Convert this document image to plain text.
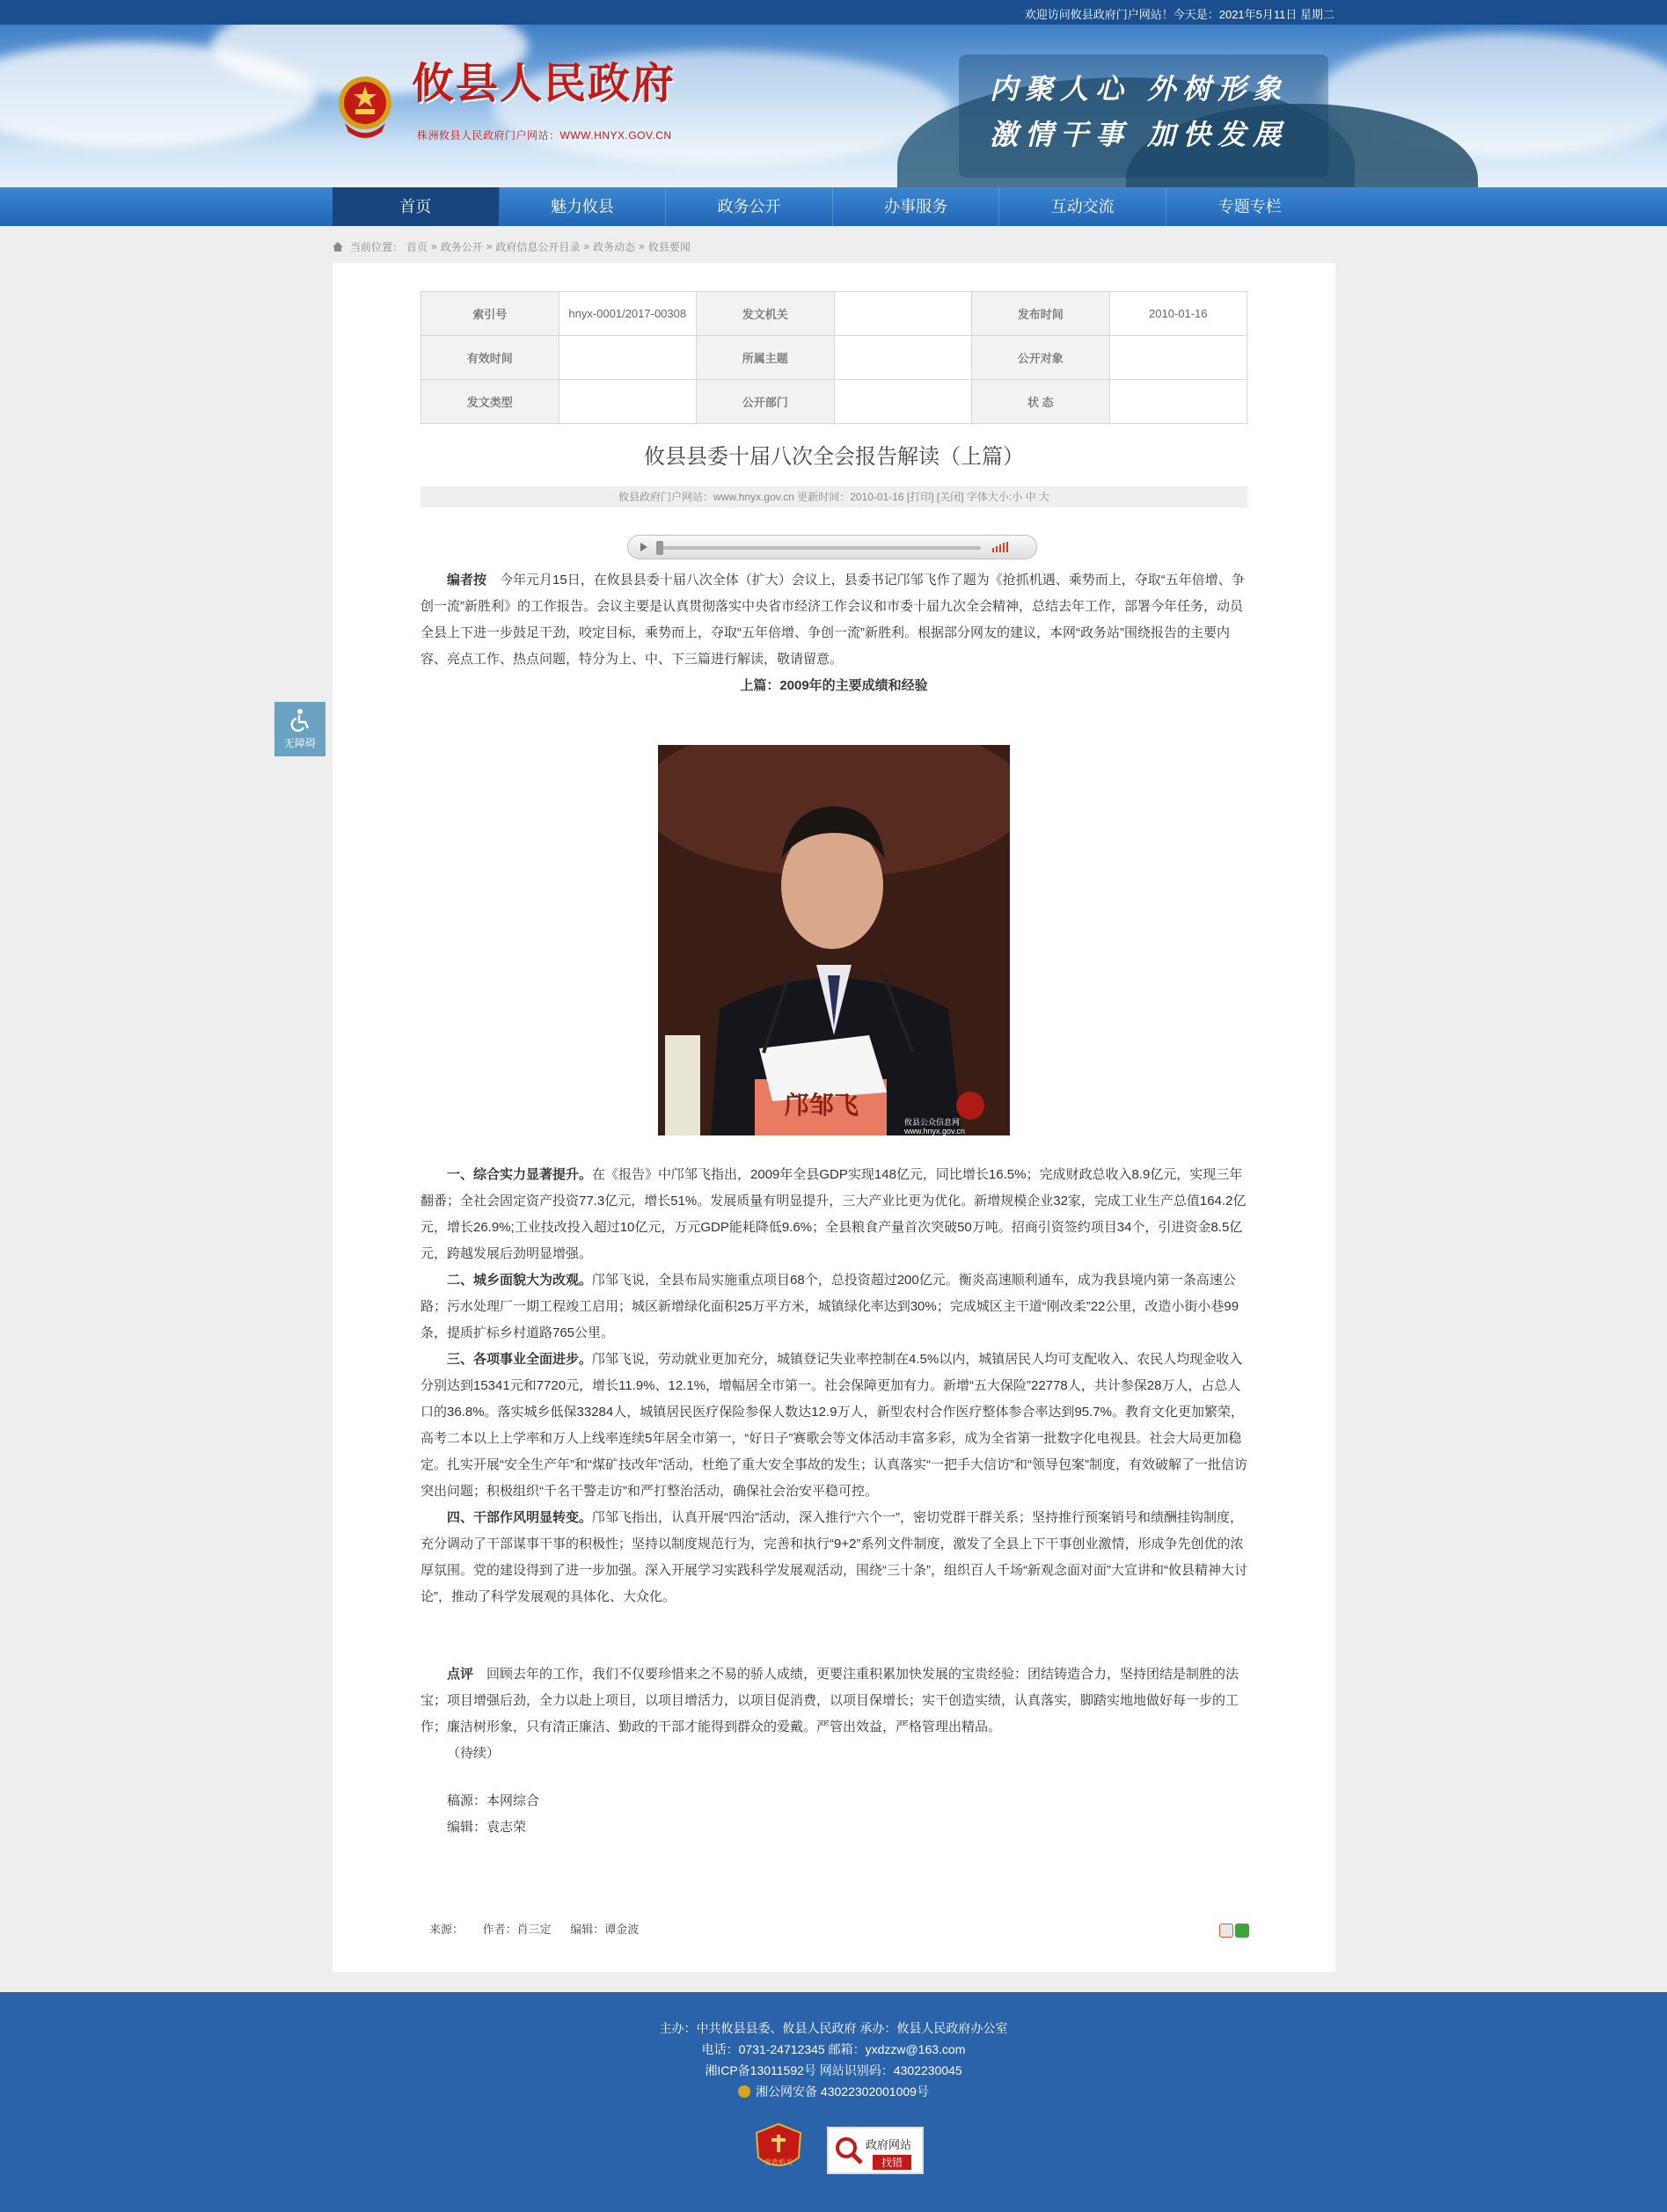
欢迎访问攸县政府门户网站！今天是：2021年5月11日 星期二
攸县人民政府
株洲攸县人民政府门户网站：WWW.HNYX.GOV.CN
内聚人心 外树形象
激情干事 加快发展
首页	魅力攸县	政务公开	办事服务	互动交流	专题专栏
当前位置： 首页 » 政务公开 » 政府信息公开目录 » 政务动态 » 攸县要闻
无障碍
索引号	hnyx-0001/2017-00308	发文机关		发布时间	2010-01-16
有效时间		所属主题		公开对象	
发文类型		公开部门		状 态	
攸县县委十届八次全会报告解读（上篇）
攸县政府门户网站：www.hnyx.gov.cn 更新时间：2010-01-16 [打印] [关闭] 字体大小:小 中 大

编者按　今年元月15日，在攸县县委十届八次全体（扩大）会议上，县委书记邝邹飞作了题为《抢抓机遇、乘势而上，夺取“五年倍增、争创一流”新胜利》的工作报告。会议主要是认真贯彻落实中央省市经济工作会议和市委十届九次全会精神，总结去年工作，部署今年任务，动员全县上下进一步鼓足干劲，咬定目标，乘势而上，夺取“五年倍增、争创一流”新胜利。根据部分网友的建议，本网“政务站”围绕报告的主要内容、亮点工作、热点问题，特分为上、中、下三篇进行解读，敬请留意。

上篇：2009年的主要成绩和经验

邝邹飞
攸县公众信息网 www.hnyx.gov.cn

一、综合实力显著提升。在《报告》中邝邹飞指出，2009年全县GDP实现148亿元，同比增长16.5%；完成财政总收入8.9亿元，实现三年翻番；全社会固定资产投资77.3亿元，增长51%。发展质量有明显提升，三大产业比更为优化。新增规模企业32家，完成工业生产总值164.2亿元，增长26.9%;工业技改投入超过10亿元，万元GDP能耗降低9.6%；全县粮食产量首次突破50万吨。招商引资签约项目34个，引进资金8.5亿元，跨越发展后劲明显增强。

二、城乡面貌大为改观。邝邹飞说，全县布局实施重点项目68个，总投资超过200亿元。衡炎高速顺利通车，成为我县境内第一条高速公路；污水处理厂一期工程竣工启用；城区新增绿化面积25万平方米，城镇绿化率达到30%；完成城区主干道“刚改柔”22公里，改造小街小巷99条，提质扩标乡村道路765公里。

三、各项事业全面进步。邝邹飞说，劳动就业更加充分，城镇登记失业率控制在4.5%以内，城镇居民人均可支配收入、农民人均现金收入分别达到15341元和7720元，增长11.9%、12.1%，增幅居全市第一。社会保障更加有力。新增“五大保险”22778人，共计参保28万人，占总人口的36.8%。落实城乡低保33284人，城镇居民医疗保险参保人数达12.9万人，新型农村合作医疗整体参合率达到95.7%。教育文化更加繁荣，高考二本以上上学率和万人上线率连续5年居全市第一，“好日子”赛歌会等文体活动丰富多彩，成为全省第一批数字化电视县。社会大局更加稳定。扎实开展“安全生产年”和“煤矿技改年”活动，杜绝了重大安全事故的发生；认真落实“一把手大信访”和“领导包案”制度，有效破解了一批信访突出问题；积极组织“千名干警走访”和严打整治活动，确保社会治安平稳可控。

四、干部作风明显转变。邝邹飞指出，认真开展“四治”活动，深入推行“六个一”，密切党群干群关系；坚持推行预案销号和绩酬挂钩制度，充分调动了干部谋事干事的积极性；坚持以制度规范行为，完善和执行“9+2”系列文件制度，激发了全县上下干事创业激情，形成争先创优的浓厚氛围。党的建设得到了进一步加强。深入开展学习实践科学发展观活动，围绕“三十条”，组织百人千场“新观念面对面”大宣讲和“攸县精神大讨论”，推动了科学发展观的具体化、大众化。

点评　回顾去年的工作，我们不仅要珍惜来之不易的骄人成绩，更要注重积累加快发展的宝贵经验：团结铸造合力，坚持团结是制胜的法宝；项目增强后劲，全力以赴上项目，以项目增活力，以项目促消费，以项目保增长；实干创造实绩，认真落实，脚踏实地地做好每一步的工作；廉洁树形象，只有清正廉洁、勤政的干部才能得到群众的爱戴。严管出效益，严格管理出精品。

（待续）

稿源：本网综合

编辑：袁志荣

来源： 作者：肖三定 编辑：谭金波
主办：中共攸县县委、攸县人民政府 承办：攸县人民政府办公室
电话：0731-24712345 邮箱：yxdzzw@163.com
湘ICP备13011592号 网站识别码：4302230045
湘公网安备 43022302001009号
党政机关
政府网站
找错
